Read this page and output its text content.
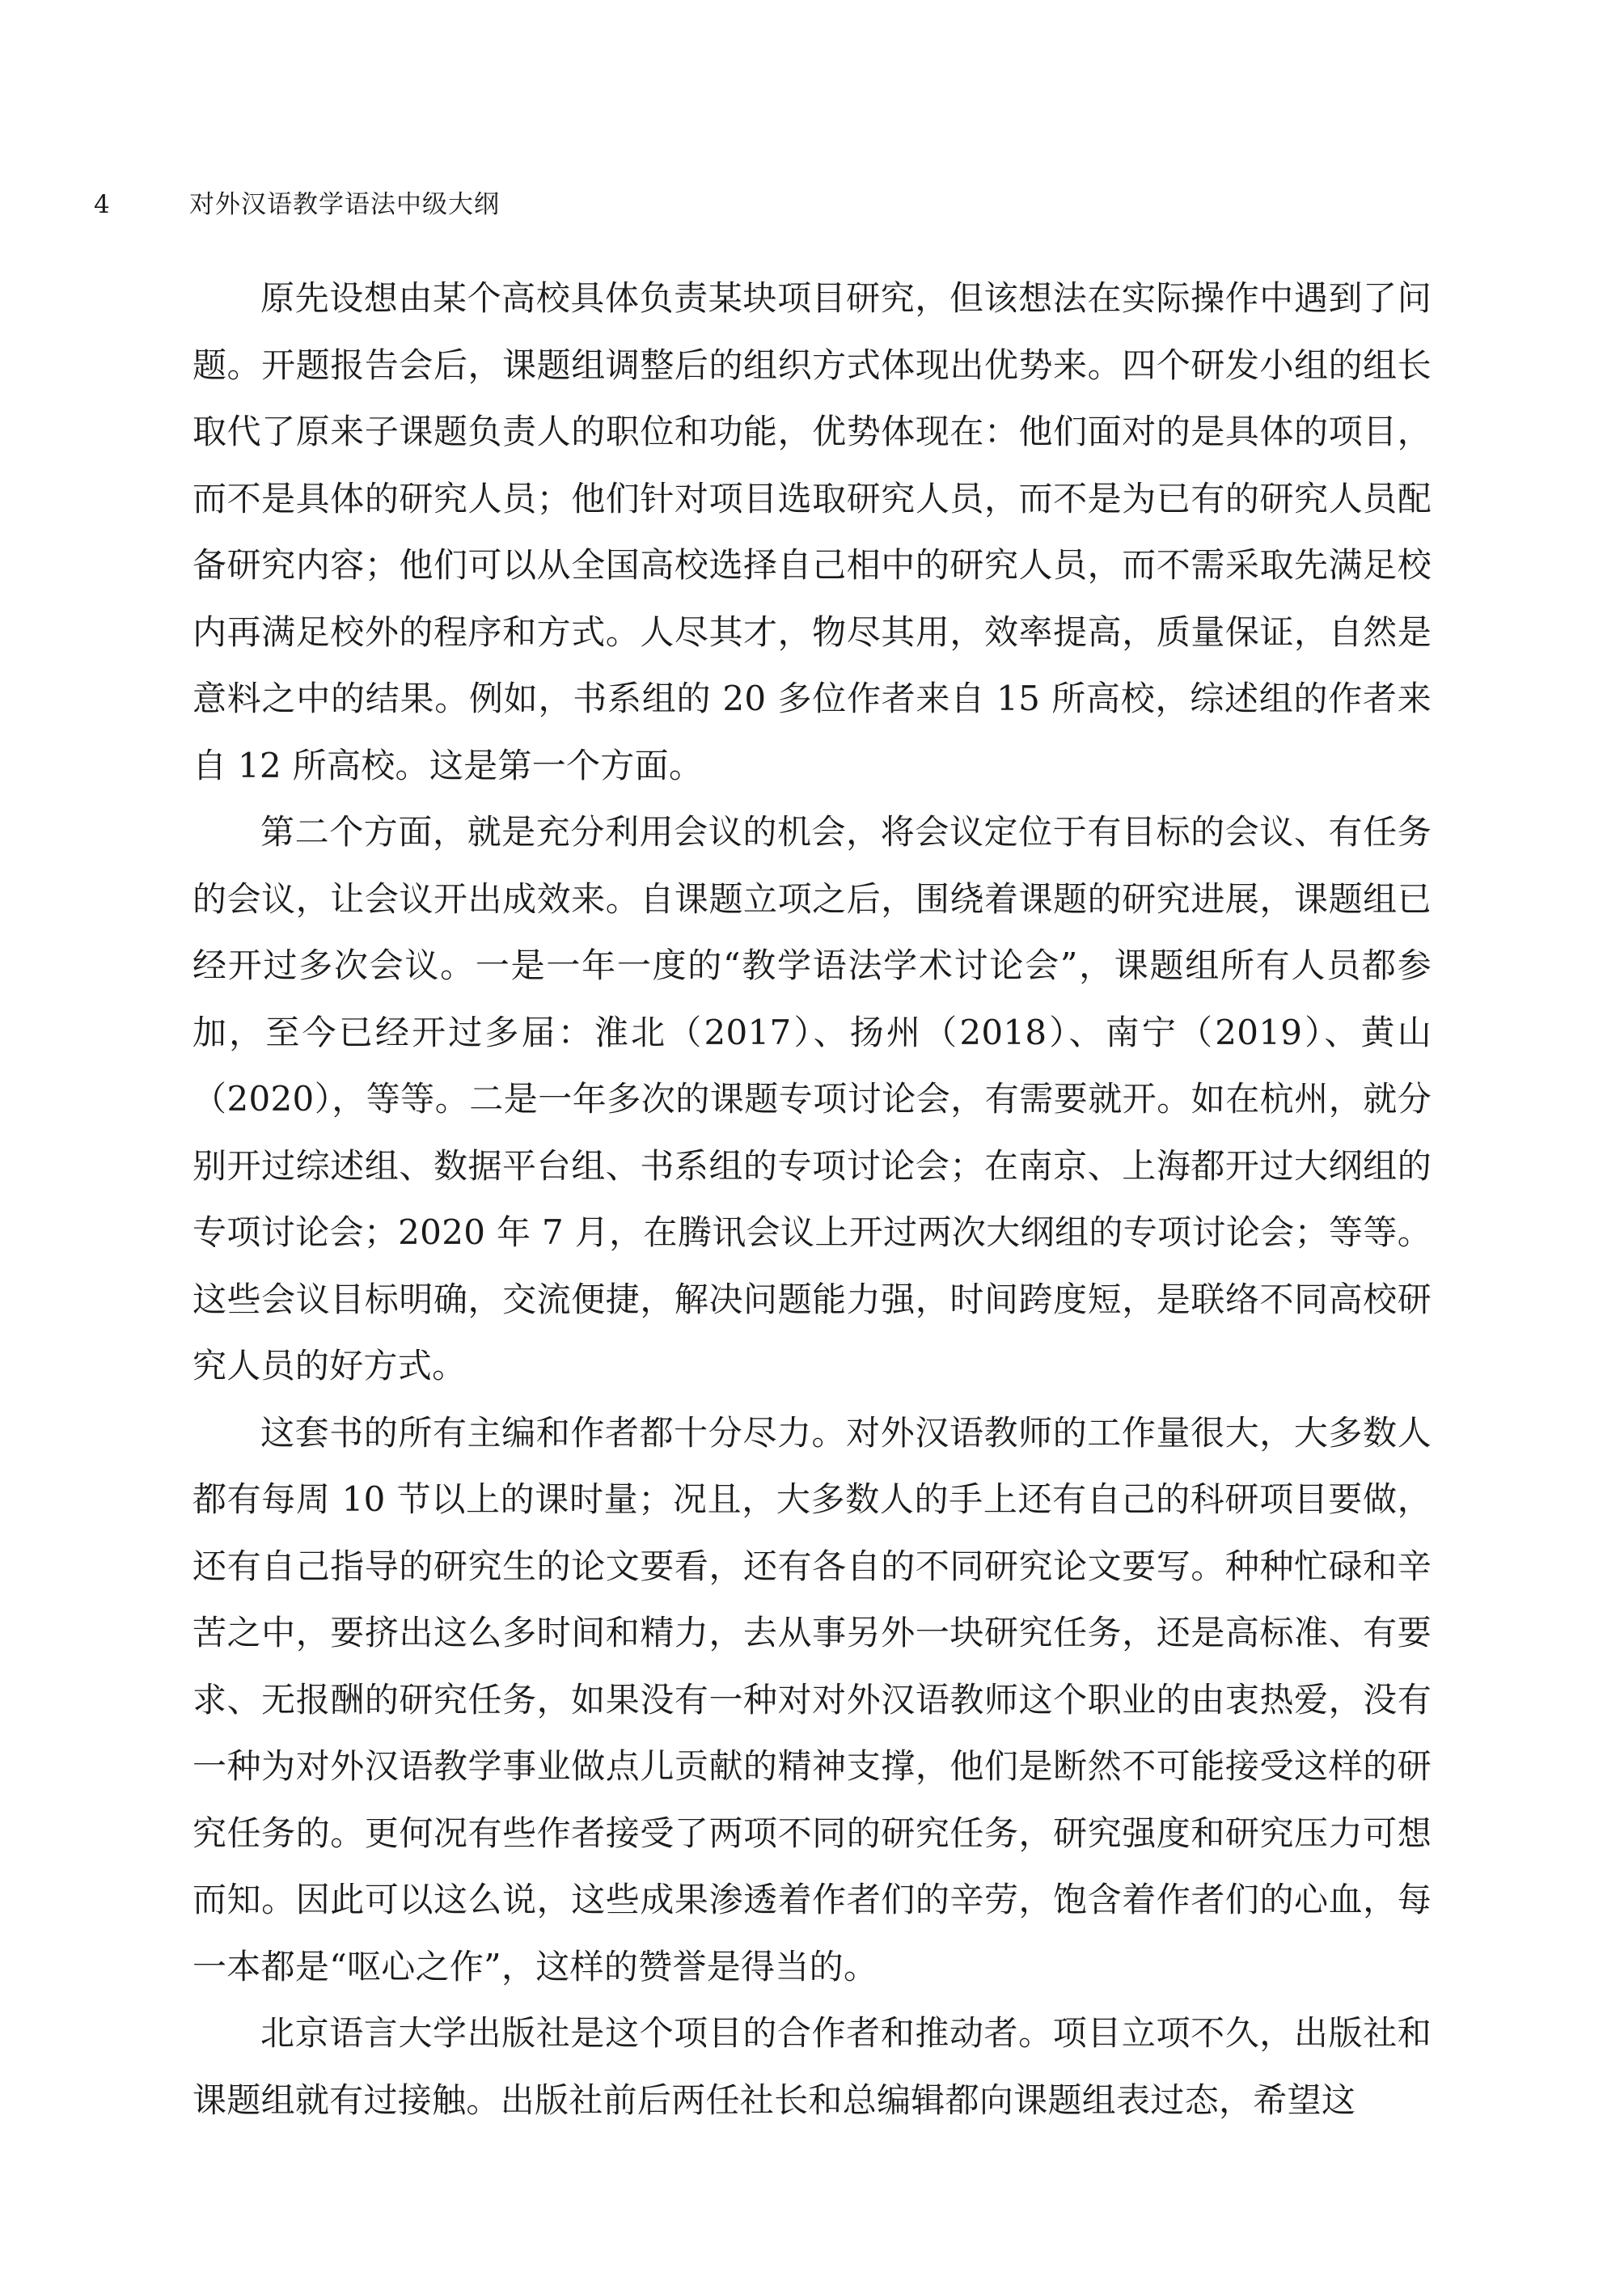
4	对外汉语教学语法中级大纲

原先设想由某个高校具体负责某块项目研究，但该想法在实际操作中遇到了问题。开题报告会后，课题组调整后的组织方式体现出优势来。四个研发小组的组长取代了原来子课题负责人的职位和功能，优势体现在：他们面对的是具体的项目，而不是具体的研究人员；他们针对项目选取研究人员，而不是为已有的研究人员配备研究内容；他们可以从全国高校选择自己相中的研究人员，而不需采取先满足校内再满足校外的程序和方式。人尽其才，物尽其用，效率提高，质量保证，自然是意料之中的结果。例如，书系组的 20 多位作者来自 15 所高校，综述组的作者来自 12 所高校。这是第一个方面。

第二个方面，就是充分利用会议的机会，将会议定位于有目标的会议、有任务的会议，让会议开出成效来。自课题立项之后，围绕着课题的研究进展，课题组已经开过多次会议。一是一年一度的“教学语法学术讨论会”，课题组所有人员都参加，至今已经开过多届：淮北（2017）、扬州（2018）、南宁（2019）、黄山（2020），等等。二是一年多次的课题专项讨论会，有需要就开。如在杭州，就分别开过综述组、数据平台组、书系组的专项讨论会；在南京、上海都开过大纲组的专项讨论会；2020 年 7 月，在腾讯会议上开过两次大纲组的专项讨论会；等等。这些会议目标明确，交流便捷，解决问题能力强，时间跨度短，是联络不同高校研究人员的好方式。

这套书的所有主编和作者都十分尽力。对外汉语教师的工作量很大，大多数人都有每周 10 节以上的课时量；况且，大多数人的手上还有自己的科研项目要做，还有自己指导的研究生的论文要看，还有各自的不同研究论文要写。种种忙碌和辛苦之中，要挤出这么多时间和精力，去从事另外一块研究任务，还是高标准、有要求、无报酬的研究任务，如果没有一种对对外汉语教师这个职业的由衷热爱，没有一种为对外汉语教学事业做点儿贡献的精神支撑，他们是断然不可能接受这样的研究任务的。更何况有些作者接受了两项不同的研究任务，研究强度和研究压力可想而知。因此可以这么说，这些成果渗透着作者们的辛劳，饱含着作者们的心血，每一本都是“呕心之作”，这样的赞誉是得当的。

北京语言大学出版社是这个项目的合作者和推动者。项目立项不久，出版社和课题组就有过接触。出版社前后两任社长和总编辑都向课题组表过态，希望这
